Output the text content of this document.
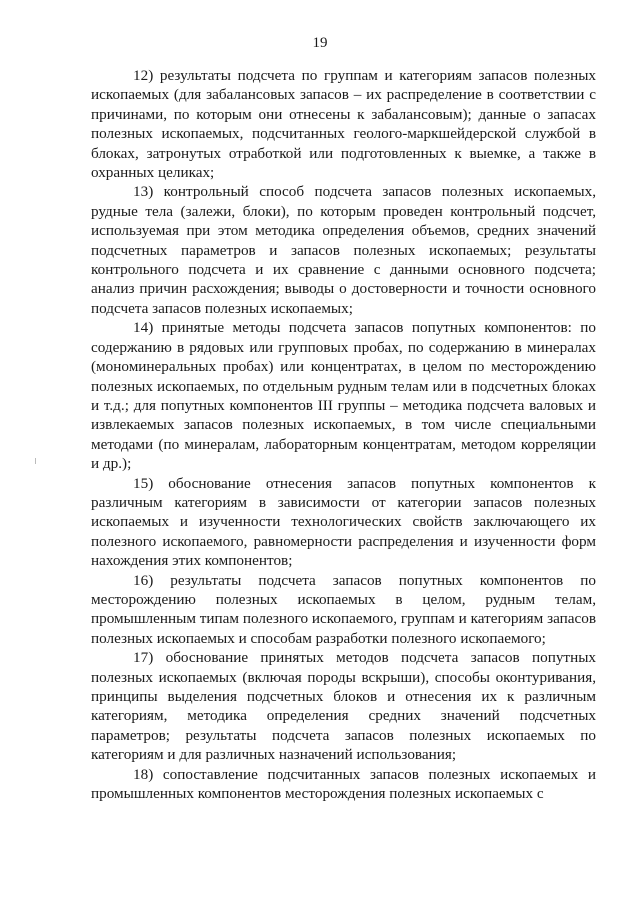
19

12) результаты подсчета по группам и категориям запасов полезных ископаемых (для забалансовых запасов – их распределение в соответствии с причинами, по которым они отнесены к забалансовым); данные о запасах полезных ископаемых, подсчитанных геолого-маркшейдерской службой в блоках, затронутых отработкой или подготовленных к выемке, а также в охранных целиках;

13) контрольный способ подсчета запасов полезных ископаемых, рудные тела (залежи, блоки), по которым проведен контрольный подсчет, используемая при этом методика определения объемов, средних значений подсчетных параметров и запасов полезных ископаемых; результаты контрольного подсчета и их сравнение с данными основного подсчета; анализ причин расхождения; выводы о достоверности и точности основного подсчета запасов полезных ископаемых;

14) принятые методы подсчета запасов попутных компонентов: по содержанию в рядовых или групповых пробах, по содержанию в минералах (мономинеральных пробах) или концентратах, в целом по месторождению полезных ископаемых, по отдельным рудным телам или в подсчетных блоках и т.д.; для попутных компонентов III группы – методика подсчета валовых и извлекаемых запасов полезных ископаемых, в том числе специальными методами (по минералам, лабораторным концентратам, методом корреляции и др.);

15) обоснование отнесения запасов попутных компонентов к различным категориям в зависимости от категории запасов полезных ископаемых и изученности технологических свойств заключающего их полезного ископаемого, равномерности распределения и изученности форм нахождения этих компонентов;

16) результаты подсчета запасов попутных компонентов по месторождению полезных ископаемых в целом, рудным телам, промышленным типам полезного ископаемого, группам и категориям запасов полезных ископаемых и способам разработки полезного ископаемого;

17) обоснование принятых методов подсчета запасов попутных полезных ископаемых (включая породы вскрыши), способы оконтуривания, принципы выделения подсчетных блоков и отнесения их к различным категориям, методика определения средних значений подсчетных параметров; результаты подсчета запасов полезных ископаемых по категориям и для различных назначений использования;

18) сопоставление подсчитанных запасов полезных ископаемых и промышленных компонентов месторождения полезных ископаемых с
